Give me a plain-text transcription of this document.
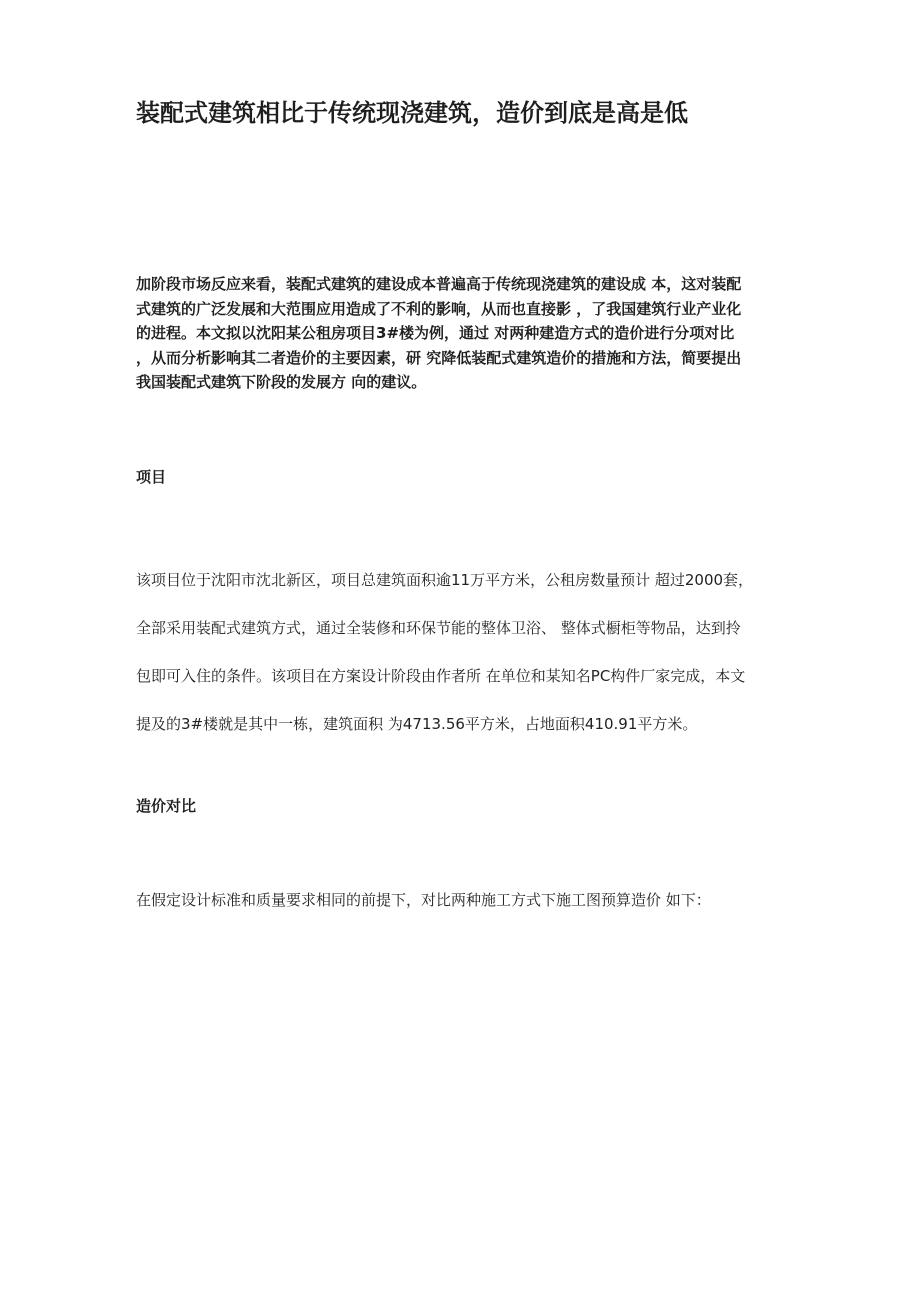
装配式建筑相比于传统现浇建筑，造价到底是高是低
加阶段市场反应来看，装配式建筑的建设成本普遍高于传统现浇建筑的建设成 本，这对装配
式建筑的广泛发展和大范围应用造成了不利的影响，从而也直接影 ，了我国建筑行业产业化
的进程。本文拟以沈阳某公租房项目3#楼为例，通过 对两种建造方式的造价进行分项对比
，从而分析影响其二者造价的主要因素，研 究降低装配式建筑造价的措施和方法，简要提出
我国装配式建筑下阶段的发展方 向的建议。
项目
该项目位于沈阳市沈北新区，项目总建筑面积逾11万平方米，公租房数量预计 超过2000套，
全部采用装配式建筑方式，通过全装修和环保节能的整体卫浴、 整体式橱柜等物品，达到拎
包即可入住的条件。该项目在方案设计阶段由作者所 在单位和某知名PC构件厂家完成，本文
提及的3#楼就是其中一栋，建筑面积 为4713.56平方米，占地面积410.91平方米。
造价对比

在假定设计标准和质量要求相同的前提下，对比两种施工方式下施工图预算造价 如下：
